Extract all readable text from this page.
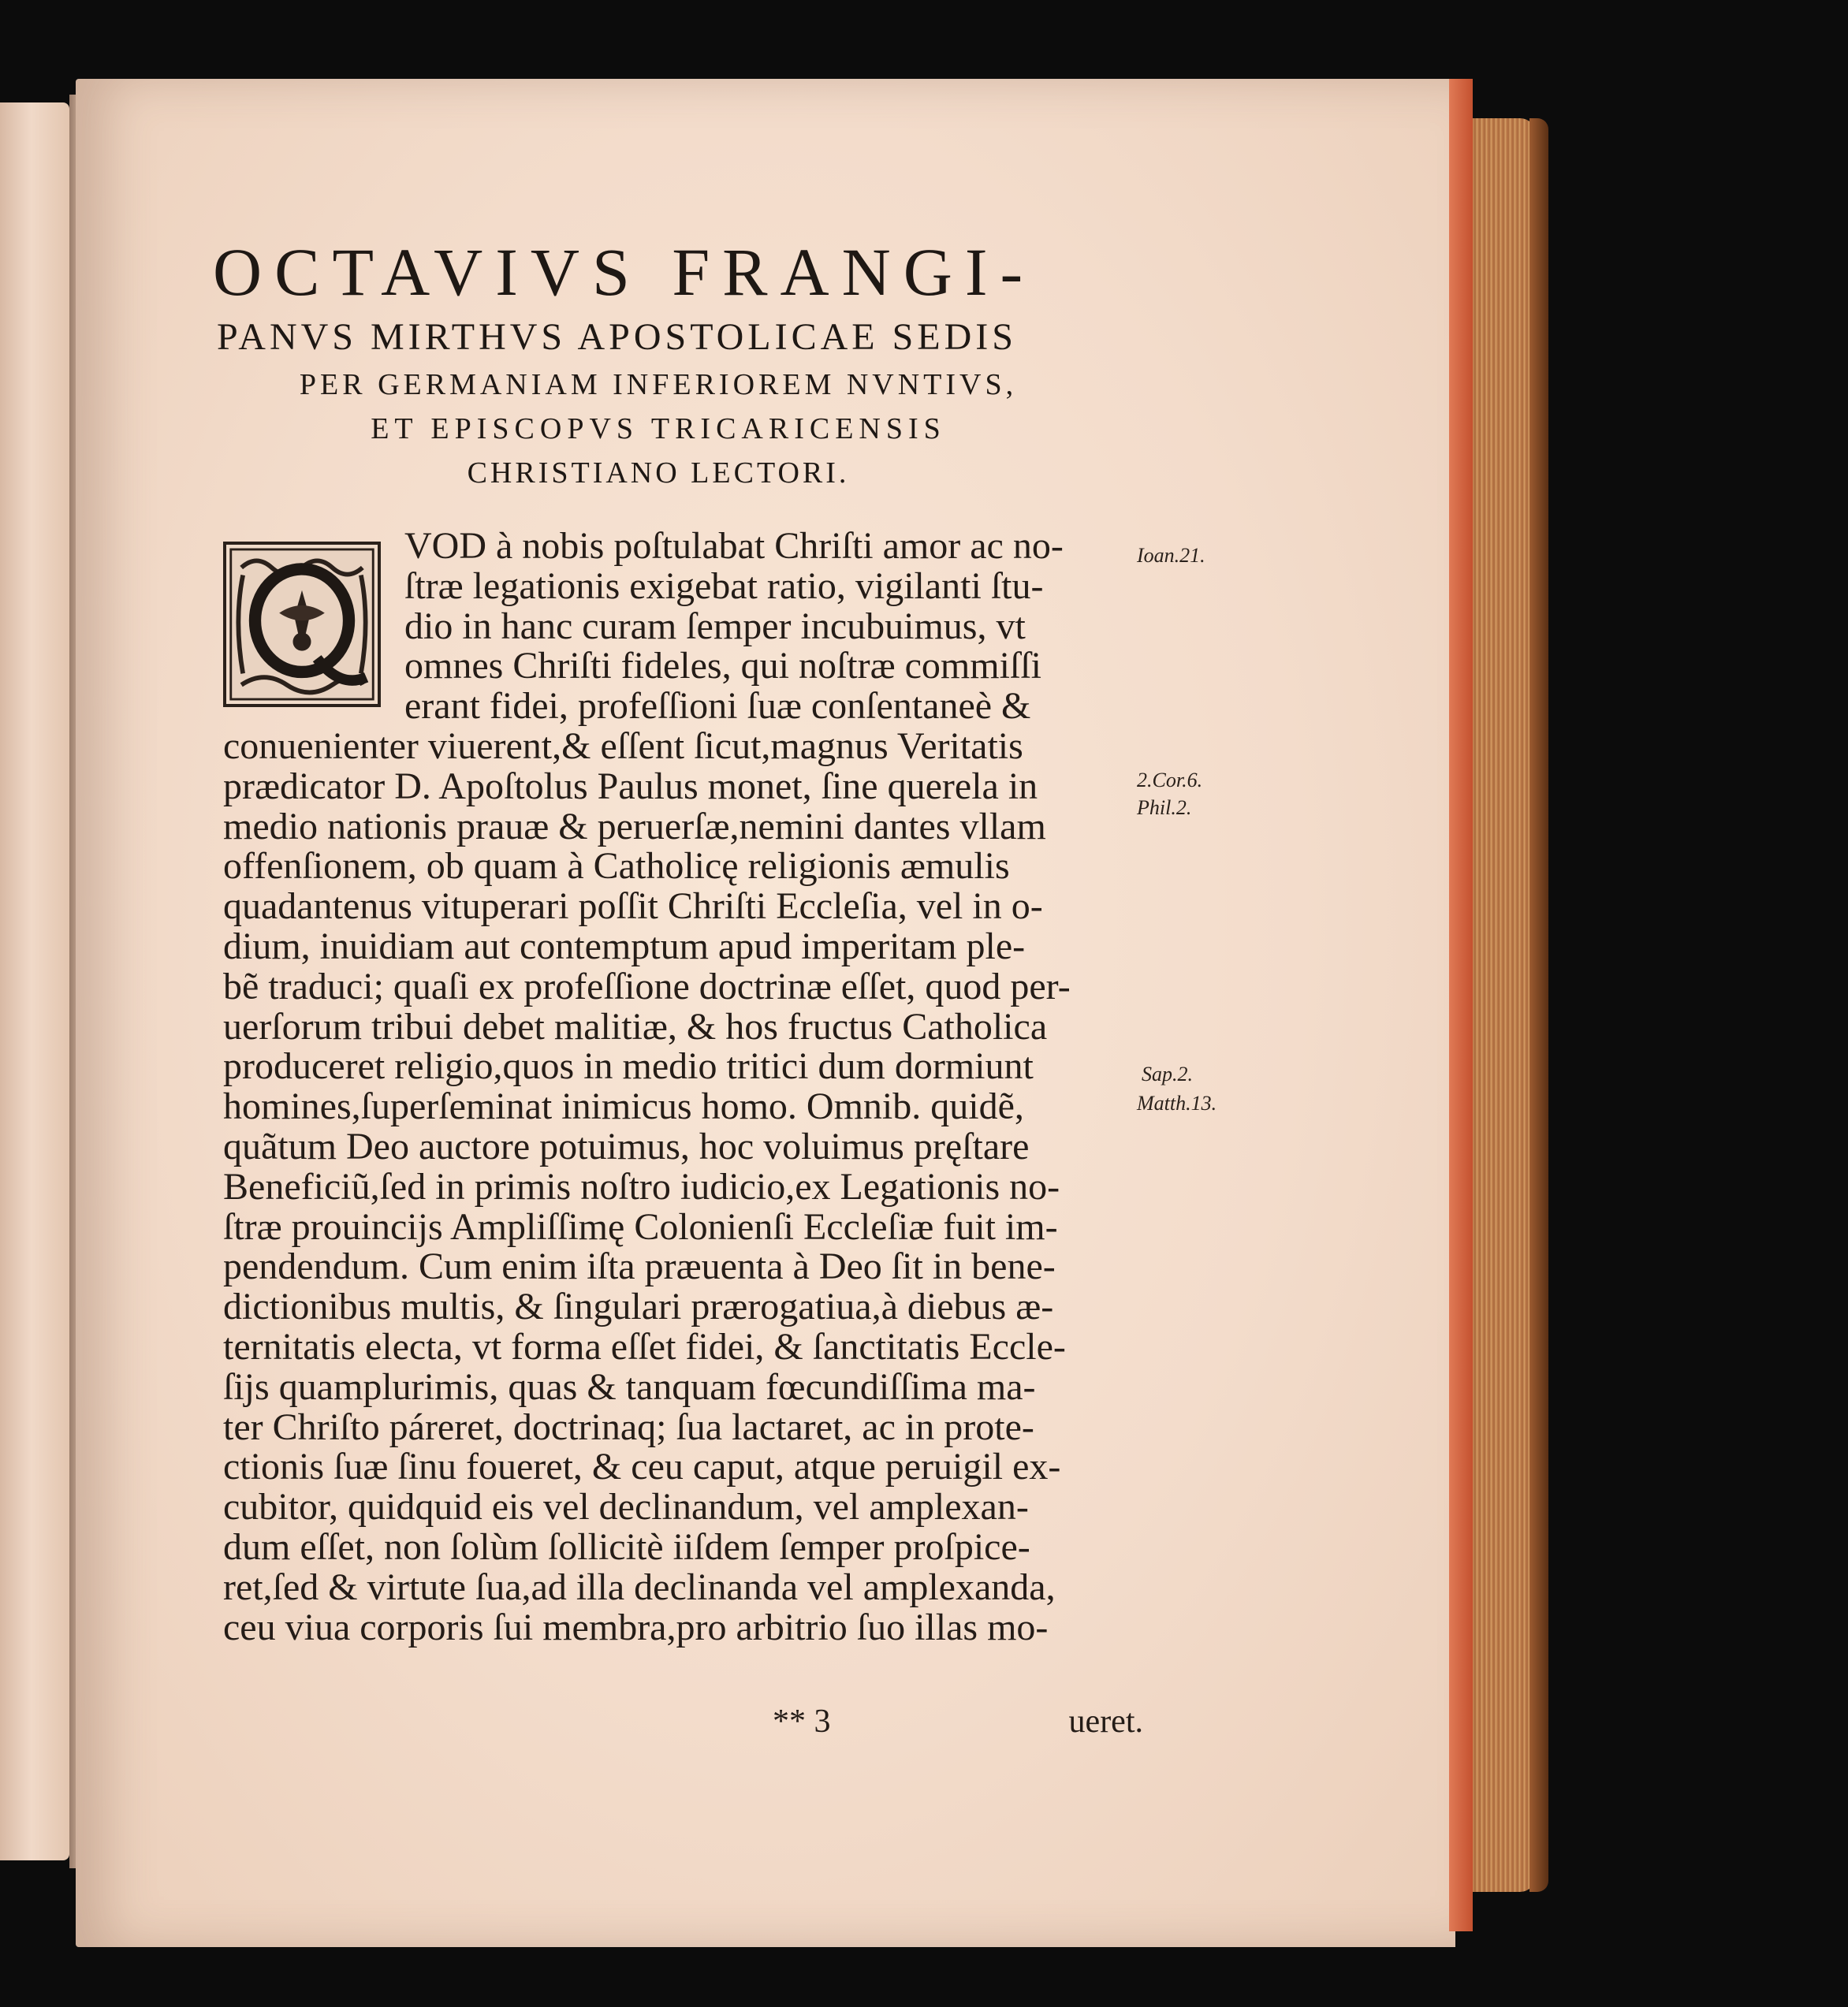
OCTAVIVS FRANGI-
PANVS MIRTHVS APOSTOLICAE SEDIS
PER GERMANIAM INFERIOREM NVNTIVS,
ET EPISCOPVS TRICARICENSIS
CHRISTIANO LECTORI.
VOD à nobis poſtulabat Chriſti amor ac no-
ſtræ legationis exigebat ratio, vigilanti ſtu-
dio in hanc curam ſemper incubuimus, vt
omnes Chriſti fideles, qui noſtræ commiſſi
erant fidei, profeſſioni ſuæ conſentaneè &
conuenienter viuerent,& eſſent ſicut,magnus Veritatis
prædicator D. Apoſtolus Paulus monet, ſine querela in
medio nationis prauæ & peruerſæ,nemini dantes vllam
offenſionem, ob quam à Catholicę religionis æmulis
quadantenus vituperari poſſit Chriſti Eccleſia, vel in o-
dium, inuidiam aut contemptum apud imperitam ple-
bẽ traduci; quaſi ex profeſſione doctrinæ eſſet, quod per-
uerſorum tribui debet malitiæ, & hos fructus Catholica
produceret religio,quos in medio tritici dum dormiunt
homines,ſuperſeminat inimicus homo. Omnib. quidẽ,
quãtum Deo auctore potuimus, hoc voluimus pręſtare
Beneficiũ,ſed in primis noſtro iudicio,ex Legationis no-
ſtræ prouincijs Ampliſſimę Colonienſi Eccleſiæ fuit im-
pendendum. Cum enim iſta præuenta à Deo ſit in bene-
dictionibus multis, & ſingulari prærogatiua,à diebus æ-
ternitatis electa, vt forma eſſet fidei, & ſanctitatis Eccle-
ſijs quamplurimis, quas & tanquam fœcundiſſima ma-
ter Chriſto páreret, doctrinaq; ſua lactaret, ac in prote-
ctionis ſuæ ſinu foueret, & ceu caput, atque peruigil ex-
cubitor, quidquid eis vel declinandum, vel amplexan-
dum eſſet, non ſolùm ſollicitè iiſdem ſemper proſpice-
ret,ſed & virtute ſua,ad illa declinanda vel amplexanda,
ceu viua corporis ſui membra,pro arbitrio ſuo illas mo-
** 3	ueret.
Ioan.21.
2.Cor.6.
Phil.2.
Sap.2.
Matth.13.
